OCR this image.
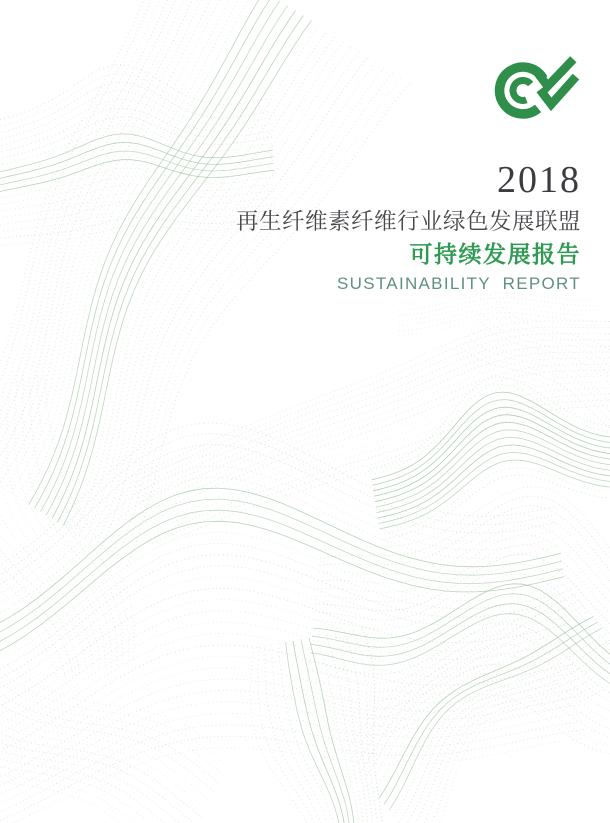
2018
再生纤维素纤维行业绿色发展联盟
可持续发展报告
SUSTAINABILITY REPORT
